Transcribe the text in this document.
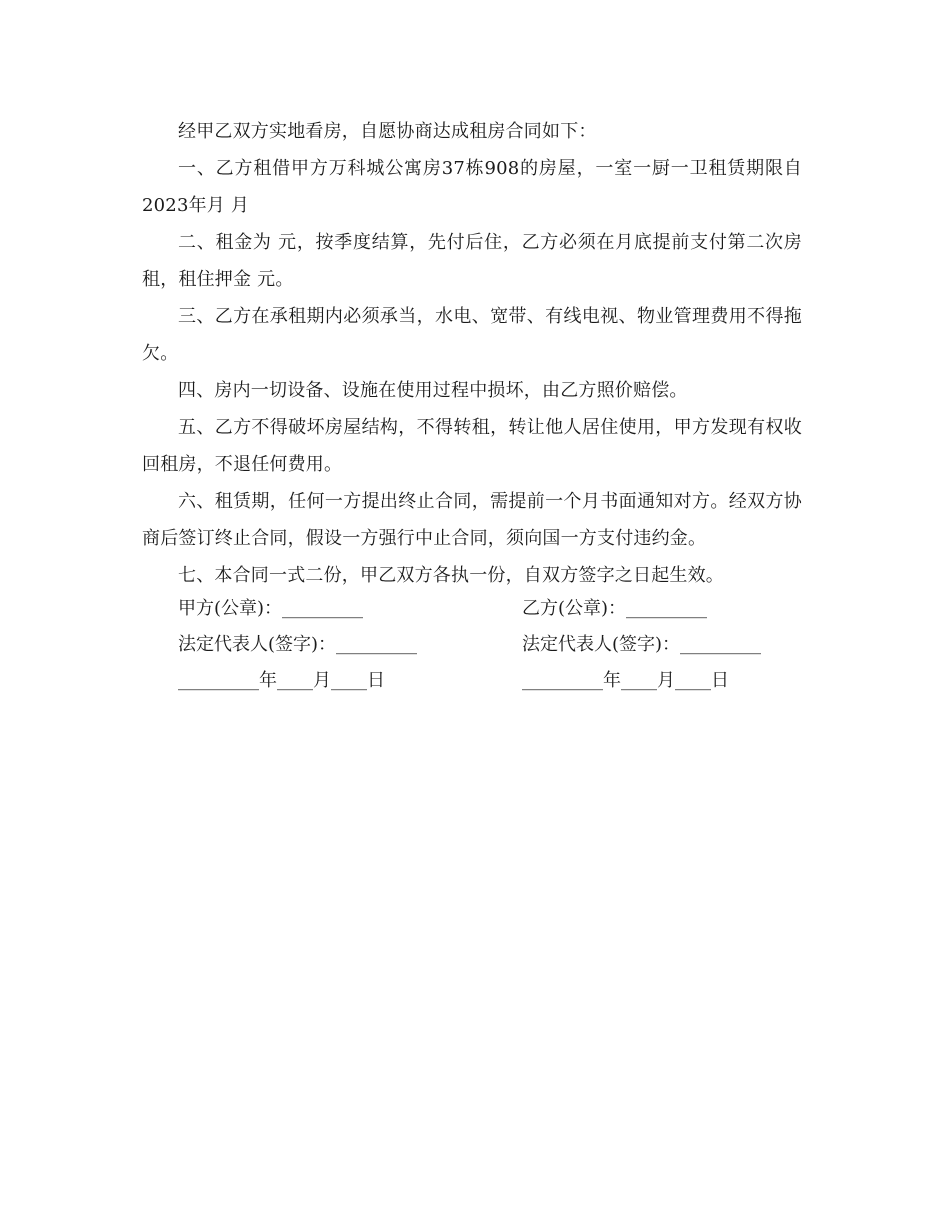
经甲乙双方实地看房，自愿协商达成租房合同如下：

一、乙方租借甲方万科城公寓房37栋908的房屋，一室一厨一卫租赁期限自2023年月 月

二、租金为 元，按季度结算，先付后住，乙方必须在月底提前支付第二次房租，租住押金 元。

三、乙方在承租期内必须承当，水电、宽带、有线电视、物业管理费用不得拖欠。

四、房内一切设备、设施在使用过程中损坏，由乙方照价赔偿。

五、乙方不得破坏房屋结构，不得转租，转让他人居住使用，甲方发现有权收回租房，不退任何费用。

六、租赁期，任何一方提出终止合同，需提前一个月书面通知对方。经双方协商后签订终止合同，假设一方强行中止合同，须向国一方支付违约金。

七、本合同一式二份，甲乙双方各执一份，自双方签字之日起生效。

甲方(公章)：_________	乙方(公章)：_________
法定代表人(签字)：_________	法定代表人(签字)：_________
_________年____月____日	_________年____月____日
